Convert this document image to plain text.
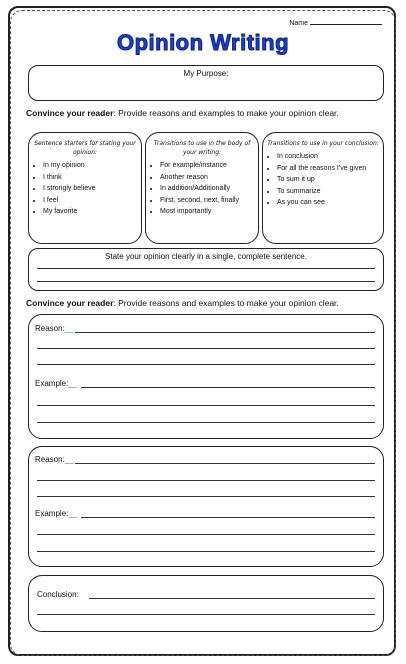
Name
Opinion Writing
My Purpose:
Convince your reader: Provide reasons and examples to make your opinion clear.
Sentence starters for stating your opinion:
• In my opinion
• I think
• I strongly believe
• I feel
• My favorite
Transitions to use in the body of your writing:
• For example/instance
• Another reason
• In addition/Additionally
• First, second, next, finally
• Most importantly
Transitions to use in your conclusion:
• In conclusion
• For all the reasons I've given
• To sum it up
• To summarize
• As you can see
State your opinion clearly in a single, complete sentence.
Convince your reader: Provide reasons and examples to make your opinion clear.
Reason:__
Example:__
Reason:__
Example:__
Conclusion:
